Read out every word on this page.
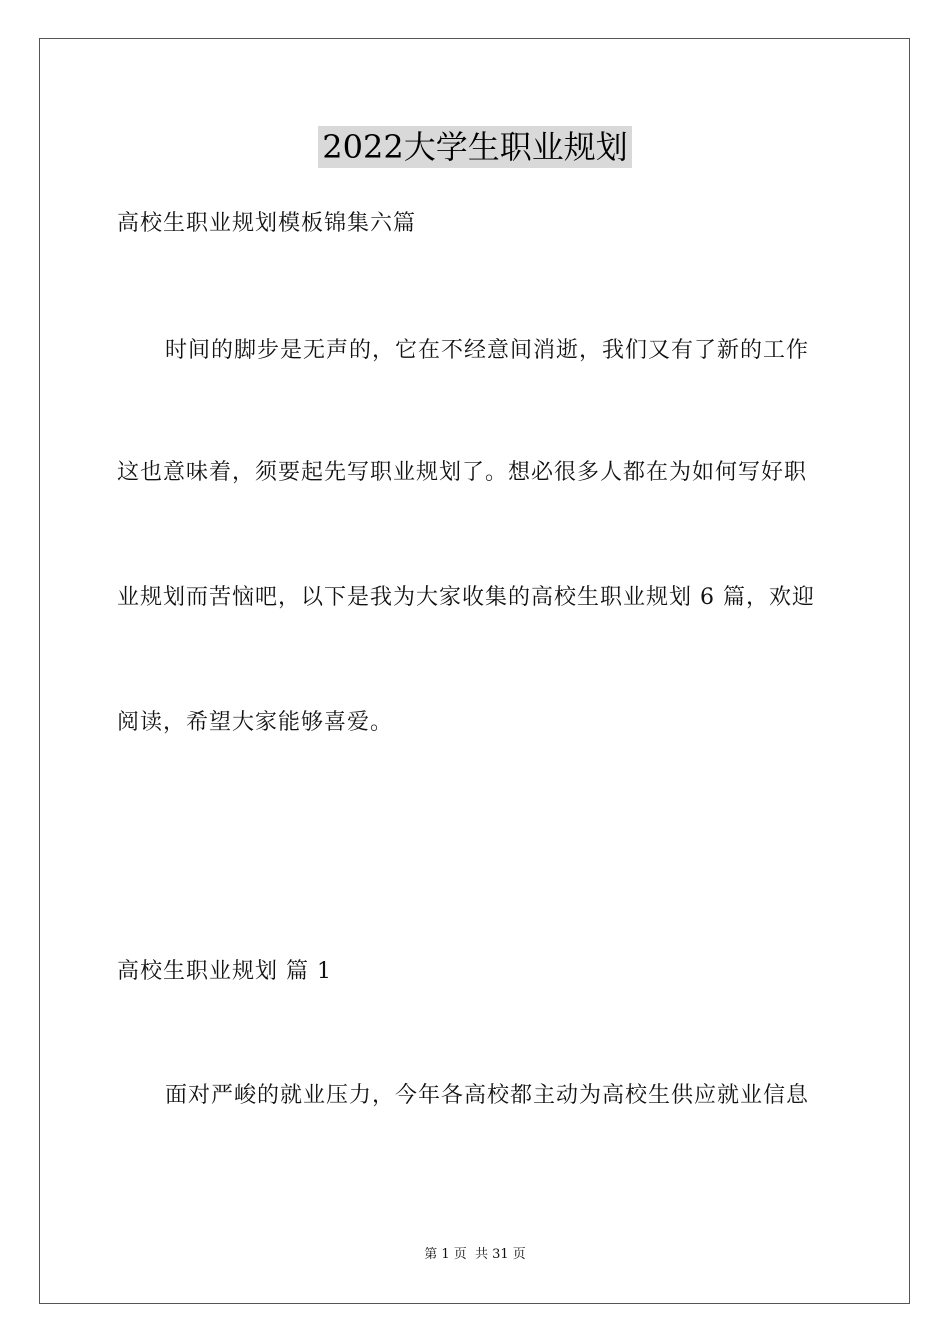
2022大学生职业规划
高校生职业规划模板锦集六篇
时间的脚步是无声的，它在不经意间消逝，我们又有了新的工作
这也意味着，须要起先写职业规划了。想必很多人都在为如何写好职
业规划而苦恼吧，以下是我为大家收集的高校生职业规划 6 篇，欢迎
阅读，希望大家能够喜爱。
高校生职业规划 篇 1
面对严峻的就业压力，今年各高校都主动为高校生供应就业信息
第 1 页 共 31 页
